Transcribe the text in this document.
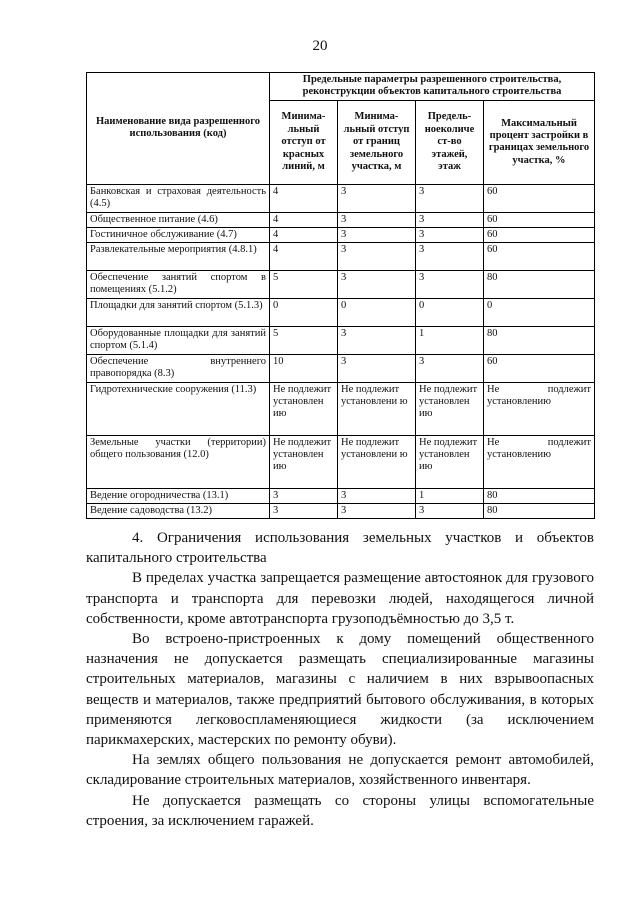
20
Наименование вида разрешенного использования (код)	Предельные параметры разрешенного строительства, реконструкции объектов капитального строительства			
	Минима-льный отступ от красных линий, м	Минима-льный отступ от границ земельного участка, м	Предель-ноеколиче ст-во этажей, этаж	Максимальный процент застройки в границах земельного участка, %
Банковская и страховая деятельность (4.5)	4	3	3	60
Общественное питание (4.6)	4	3	3	60
Гостиничное обслуживание (4.7)	4	3	3	60
Развлекательные мероприятия (4.8.1)	4	3	3	60
Обеспечение занятий спортом в помещениях (5.1.2)	5	3	3	80
Площадки для занятий спортом (5.1.3)	0	0	0	0
Оборудованные площадки для занятий спортом (5.1.4)	5	3	1	80
Обеспечение внутреннего правопорядка (8.3)	10	3	3	60
Гидротехнические сооружения (11.3)	Не подлежит установлен ию	Не подлежит установлени ю	Не подлежит установлен ию	Не подлежит установлению
Земельные участки (территории) общего пользования (12.0)	Не подлежит установлен ию	Не подлежит установлени ю	Не подлежит установлен ию	Не подлежит установлению
Ведение огородничества (13.1)	3	3	1	80
Ведение садоводства (13.2)	3	3	3	80

4. Ограничения использования земельных участков и объектов капитального строительства

В пределах участка запрещается размещение автостоянок для грузового транспорта и транспорта для перевозки людей, находящегося личной собственности, кроме автотранспорта грузоподъёмностью до 3,5 т.

Во встроено-пристроенных к дому помещений общественного назначения не допускается размещать специализированные магазины строительных материалов, магазины с наличием в них взрывоопасных веществ и материалов, также предприятий бытового обслуживания, в которых применяются легковоспламеняющиеся жидкости (за исключением парикмахерских, мастерских по ремонту обуви).

На землях общего пользования не допускается ремонт автомобилей, складирование строительных материалов, хозяйственного инвентаря.

Не допускается размещать со стороны улицы вспомогательные строения, за исключением гаражей.
